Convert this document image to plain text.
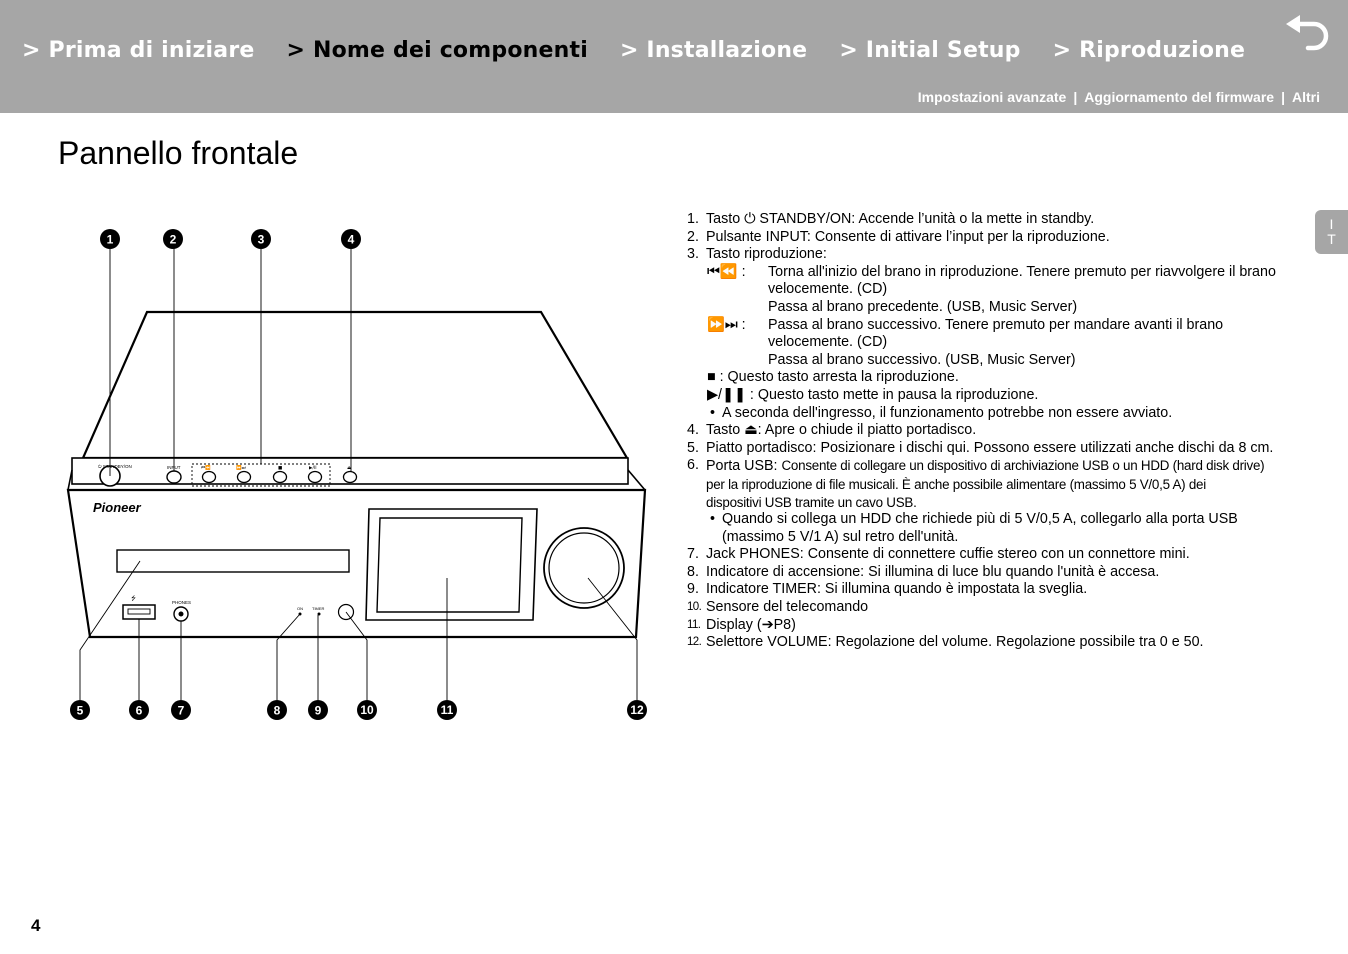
> Prima di iniziare > Nome dei componenti > Installazione > Initial Setup > Riproduzione
Impostazioni avanzate | Aggiornamento del firmware | Altri
Pannello frontale
⏻ STANDBY/ON	INPUT	⏮⏪	⏩⏭	■	▶/II	⏏
Pioneer
⭍
PHONES
ON TIMER
1	2	3	4
5	6	7	8	9	10	11	12
1. Tasto ⏻ STANDBY/ON: Accende l’unità o la mette in standby.
2. Pulsante INPUT: Consente di attivare l’input per la riproduzione.
3. Tasto riproduzione:
⏮⏪ : Torna all'inizio del brano in riproduzione. Tenere premuto per riavvolgere il brano
velocemente. (CD)
Passa al brano precedente. (USB, Music Server)
⏩⏭ : Passa al brano successivo. Tenere premuto per mandare avanti il brano
velocemente. (CD)
Passa al brano successivo. (USB, Music Server)
■ : Questo tasto arresta la riproduzione.
▶/❚❚ : Questo tasto mette in pausa la riproduzione.
• A seconda dell'ingresso, il funzionamento potrebbe non essere avviato.
4. Tasto ⏏: Apre o chiude il piatto portadisco.
5. Piatto portadisco: Posizionare i dischi qui. Possono essere utilizzati anche dischi da 8 cm.
6. Porta USB: Consente di collegare un dispositivo di archiviazione USB o un HDD (hard disk drive)
per la riproduzione di file musicali. È anche possibile alimentare (massimo 5 V/0,5 A) dei
dispositivi USB tramite un cavo USB.
• Quando si collega un HDD che richiede più di 5 V/0,5 A, collegarlo alla porta USB
(massimo 5 V/1 A) sul retro dell'unità.
7. Jack PHONES: Consente di connettere cuffie stereo con un connettore mini.
8. Indicatore di accensione: Si illumina di luce blu quando l'unità è accesa.
9. Indicatore TIMER: Si illumina quando è impostata la sveglia.
10. Sensore del telecomando
11. Display (➔P8)
12. Selettore VOLUME: Regolazione del volume. Regolazione possibile tra 0 e 50.
I
T
4
